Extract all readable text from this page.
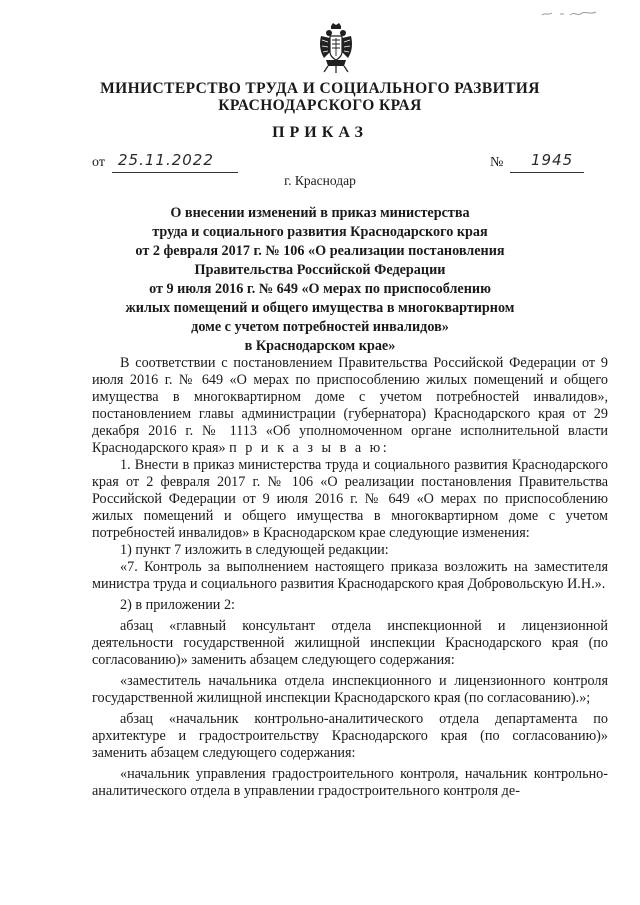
МИНИСТЕРСТВО ТРУДА И СОЦИАЛЬНОГО РАЗВИТИЯ
КРАСНОДАРСКОГО КРАЯ
ПРИКАЗ
от 25.11.2022	№ 1945
г. Краснодар
О внесении изменений в приказ министерства
труда и социального развития Краснодарского края
от 2 февраля 2017 г. № 106 «О реализации постановления
Правительства Российской Федерации
от 9 июля 2016 г. № 649 «О мерах по приспособлению
жилых помещений и общего имущества в многоквартирном
доме с учетом потребностей инвалидов»
в Краснодарском крае»

В соответствии с постановлением Правительства Российской Федерации от 9 июля 2016 г. № 649 «О мерах по приспособлению жилых помещений и общего имущества в многоквартирном доме с учетом потребностей инвалидов», постановлением главы администрации (губернатора) Краснодарского края от 29 декабря 2016 г. № 1113 «Об уполномоченном органе исполнительной власти Краснодарского края» п р и к а з ы в а ю:

1. Внести в приказ министерства труда и социального развития Краснодарского края от 2 февраля 2017 г. № 106 «О реализации постановления Правительства Российской Федерации от 9 июля 2016 г. № 649 «О мерах по приспособлению жилых помещений и общего имущества в многоквартирном доме с учетом потребностей инвалидов» в Краснодарском крае следующие изменения:

1) пункт 7 изложить в следующей редакции:

«7. Контроль за выполнением настоящего приказа возложить на заместителя министра труда и социального развития Краснодарского края Добровольскую И.Н.».

2) в приложении 2:

абзац «главный консультант отдела инспекционной и лицензионной деятельности государственной жилищной инспекции Краснодарского края (по согласованию)» заменить абзацем следующего содержания:

«заместитель начальника отдела инспекционного и лицензионного контроля государственной жилищной инспекции Краснодарского края (по согласованию).»;

абзац «начальник контрольно-аналитического отдела департамента по архитектуре и градостроительству Краснодарского края (по согласованию)» заменить абзацем следующего содержания:

«начальник управления градостроительного контроля, начальник контрольно-аналитического отдела в управлении градостроительного контроля де-
